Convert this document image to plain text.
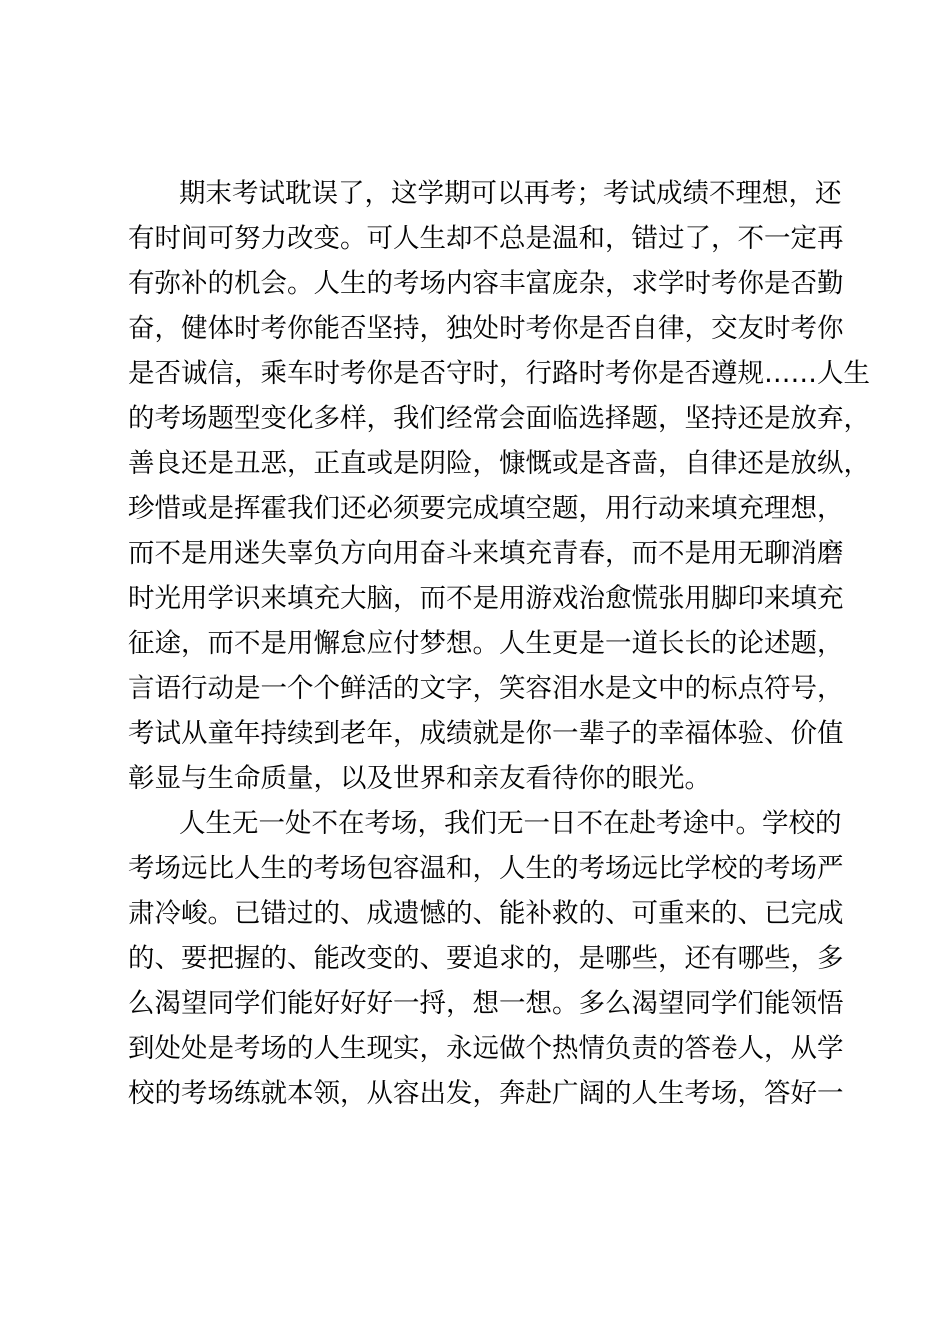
期末考试耽误了，这学期可以再考；考试成绩不理想，还
有时间可努力改变。可人生却不总是温和，错过了，不一定再
有弥补的机会。人生的考场内容丰富庞杂，求学时考你是否勤
奋，健体时考你能否坚持，独处时考你是否自律，交友时考你
是否诚信，乘车时考你是否守时，行路时考你是否遵规……人生
的考场题型变化多样，我们经常会面临选择题，坚持还是放弃，
善良还是丑恶，正直或是阴险，慷慨或是吝啬，自律还是放纵，
珍惜或是挥霍我们还必须要完成填空题，用行动来填充理想，
而不是用迷失辜负方向用奋斗来填充青春，而不是用无聊消磨
时光用学识来填充大脑，而不是用游戏治愈慌张用脚印来填充
征途，而不是用懈怠应付梦想。人生更是一道长长的论述题，
言语行动是一个个鲜活的文字，笑容泪水是文中的标点符号，
考试从童年持续到老年，成绩就是你一辈子的幸福体验、价值
彰显与生命质量，以及世界和亲友看待你的眼光。
人生无一处不在考场，我们无一日不在赴考途中。学校的
考场远比人生的考场包容温和，人生的考场远比学校的考场严
肃冷峻。已错过的、成遗憾的、能补救的、可重来的、已完成
的、要把握的、能改变的、要追求的，是哪些，还有哪些，多
么渴望同学们能好好好一捋，想一想。多么渴望同学们能领悟
到处处是考场的人生现实，永远做个热情负责的答卷人，从学
校的考场练就本领，从容出发，奔赴广阔的人生考场，答好一
